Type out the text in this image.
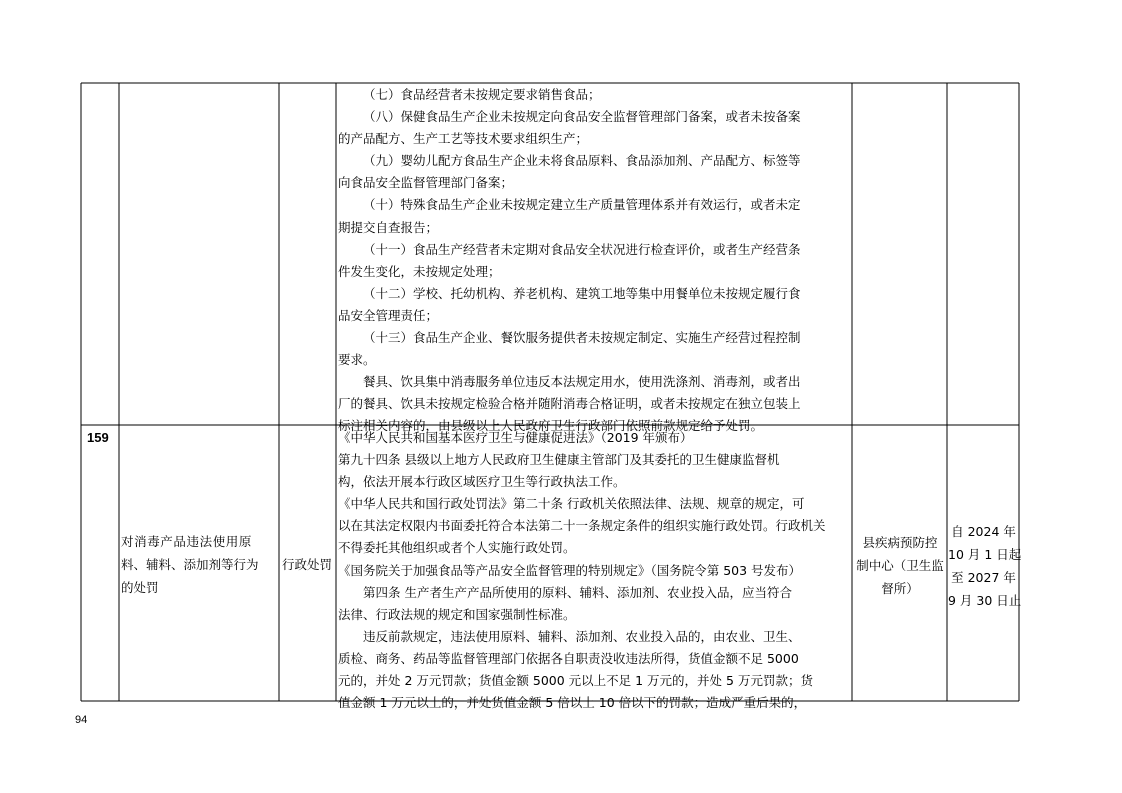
（七）食品经营者未按规定要求销售食品；
（八）保健食品生产企业未按规定向食品安全监督管理部门备案，或者未按备案
的产品配方、生产工艺等技术要求组织生产；
（九）婴幼儿配方食品生产企业未将食品原料、食品添加剂、产品配方、标签等
向食品安全监督管理部门备案；
（十）特殊食品生产企业未按规定建立生产质量管理体系并有效运行，或者未定
期提交自查报告；
（十一）食品生产经营者未定期对食品安全状况进行检查评价，或者生产经营条
件发生变化，未按规定处理；
（十二）学校、托幼机构、养老机构、建筑工地等集中用餐单位未按规定履行食
品安全管理责任；
（十三）食品生产企业、餐饮服务提供者未按规定制定、实施生产经营过程控制
要求。
餐具、饮具集中消毒服务单位违反本法规定用水，使用洗涤剂、消毒剂，或者出
厂的餐具、饮具未按规定检验合格并随附消毒合格证明，或者未按规定在独立包装上
标注相关内容的，由县级以上人民政府卫生行政部门依照前款规定给予处罚。
159
对消毒产品违法使用原
料、辅料、添加剂等行为
的处罚
行政处罚
《中华人民共和国基本医疗卫生与健康促进法》（2019 年颁布）
第九十四条 县级以上地方人民政府卫生健康主管部门及其委托的卫生健康监督机
构，依法开展本行政区域医疗卫生等行政执法工作。
《中华人民共和国行政处罚法》第二十条 行政机关依照法律、法规、规章的规定，可
以在其法定权限内书面委托符合本法第二十一条规定条件的组织实施行政处罚。行政机关
不得委托其他组织或者个人实施行政处罚。
《国务院关于加强食品等产品安全监督管理的特别规定》（国务院令第 503 号发布）
第四条 生产者生产产品所使用的原料、辅料、添加剂、农业投入品，应当符合
法律、行政法规的规定和国家强制性标准。
违反前款规定，违法使用原料、辅料、添加剂、农业投入品的，由农业、卫生、
质检、商务、药品等监督管理部门依据各自职责没收违法所得，货值金额不足 5000
元的，并处 2 万元罚款；货值金额 5000 元以上不足 1 万元的，并处 5 万元罚款；货
值金额 1 万元以上的，并处货值金额 5 倍以上 10 倍以下的罚款；造成严重后果的，
县疾病预防控
制中心（卫生监
督所）
自 2024 年
10 月 1 日起
至 2027 年
9 月 30 日止
94
